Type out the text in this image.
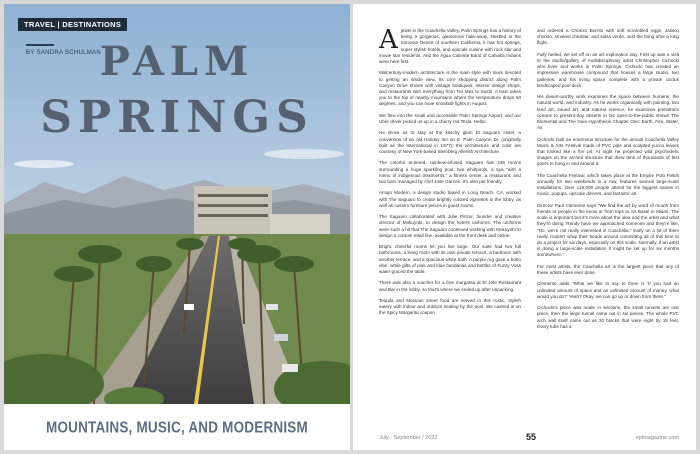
TRAVEL | DESTINATIONS
BY SANDRA SCHULMAN
PALM
SPRINGS
MOUNTAINS, MUSIC, AND MODERNISM

Ajewel in the Coachella Valley, Palm Springs has a history of being a gorgeous, glamorous hide-away. Nestled in the Sonoran Desert of southern California, it has hot springs, super stylish hotels, and upscale cuisine with rock star and movie star residents. And the Agua Caliente Band of Cahuilla Indians were here first.

Midcentury-modern architecture is the main style with tours devoted to getting an inside view. Its core shopping district along Palm Canyon Drive shines with vintage boutiques, interior design shops, and restaurants with everything from Tex Mex to Sushi. A tram takes you to the top of nearby mountains where the temperature drops 50 degrees, and you can have snowball fights in August.

We flew into the small and accessible Palm Springs Airport, and our Uber driver picked us up in a cherry red Tesla. Hello!

He drove us to stay at the kitschy glam El Saguaro Hotel, a conversion of an old Holiday Inn on E. Palm Canyon Dr. (originally built as the International in 1977); the architecture and color are courtesy of New York-based Steinberg Allerish Architecture.

The colorful tri-tiered, rainbow-infused Saguaro has 245 rooms surrounding a huge sparkling pool, two whirlpools, a spa "with a menu of indigenous treatments," a fitness center, a restaurant, and two bars managed by chef Jose Garces. It's also pet friendly.

Amigo Modern, a design studio based in Long Beach, CA, worked with The Saguaro to create brightly colored vignettes in the lobby, as well as custom furniture pieces in guest rooms.

The Saguaro collaborated with Julie Pinzur, founder and creative director of Mokuyobi, to design the hotel's uniforms. The uniforms were such a hit that The Saguaro continued working with Mokuyobi to design a custom retail line, available at the front desk and online.

Bright, cheerful rooms let you live large. Our suite had two full bathrooms, a living room with its own private terrace, a bedroom with another terrace, and a spacious white bath. A purple rug gave a boho vibe, while gifts of pink and blue bandanas and bottles of Fuzzy Voss water graced the table.

There was also a voucher for a free margarita at El Jefe Restaurant and Bar in the lobby, so that's where we ended up after unpacking.

Tequila and Mexican street food are served in this rustic, stylish eatery with indoor and outdoor seating by the pool. We cashed in on the Spicy Margarita coupon

and ordered a Chorizo Burrito with soft scrambled eggs, Jalisco chorizo, smoked cheddar, and salsa verde. Just the thing after a long flight.

Fully fueled, we set off on an art exploration day. First up was a visit to the studio/gallery of multidisciplinary artist Christopher Cichocki who lives and works in Palm Springs. Cichocki has created an impressive warehouse compound that houses a large studio, two galleries, and his living space complete with a private cactus landscaped pool deck.

His desert-worthy work examines the space between humans, the natural world, and industry. As he works organically with painting, two land art, sound art, and natural science, he examines prehistoric oceans to present-day deserts in his open-to-the-public shows The Elemental and The Gaia Hypothesis Chapter One: Earth, Fire, Water, Air.

Cichocki built an enormous structure for the annual Coachella Valley Music & Arts Festival made of PVC pipe and sculpted yucca leaves that looked like a fire pit. At night he projected wild psychedelic images on the arched structure that drew tens of thousands of fest goers to hang in and around it.

The Coachella Festival, which takes place at the Empire Polo Fields annually for two weekends in a row, features several large-scale installations. Over 125,000 people attend for the biggest names in music, popups, upscale dinners, and fantastic art.

Director Paul Clemente says "We find the art by word of mouth from friends or people in the know or from trips to Art Basel in Miami. The scale is important but it's more about the idea and the artist and what they're doing. Randy have we approached someone and they're like, "No, we're not really interested in Coachella." Early on a lot of them really couldn't wrap their heads around committing all of this time to do a project for six days, especially on this scale. Normally, if an artist is doing a large-scale installation it might be set up for six months somewhere."

For most artists, the Coachella art is the largest piece that any of these artists have ever done.

Clemente adds "What we like to say to them is 'If you had an unlimited amount of space and an unlimited amount of money, what would you do?' Yeah? Okay, we can go up or down from there."

Cichocki's piece was made in sections, the small tunnels are one piece, then the large tunnel came out in six pieces. The whole PVC arch wall itself came out as 20 blocks that were eight by 18 feet. Every tube has a

July - September / 2022	55	ejdmagazine.com
